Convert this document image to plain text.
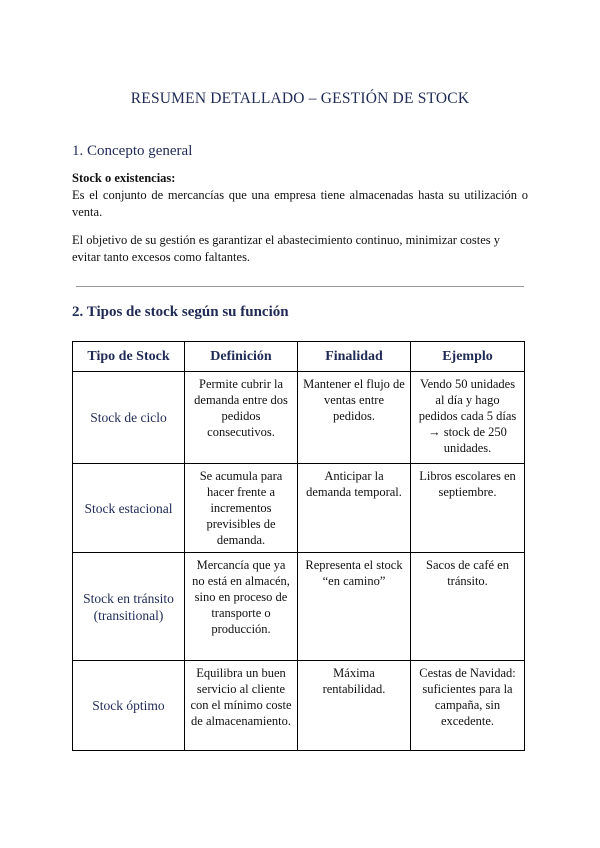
RESUMEN DETALLADO – GESTIÓN DE STOCK
1. Concepto general
Stock o existencias:
Es el conjunto de mercancías que una empresa tiene almacenadas hasta su utilización o venta.
El objetivo de su gestión es garantizar el abastecimiento continuo, minimizar costes y evitar tanto excesos como faltantes.
2. Tipos de stock según su función
Tipo de Stock	Definición	Finalidad	Ejemplo
Stock de ciclo	Permite cubrir la demanda entre dos pedidos consecutivos.	Mantener el flujo de ventas entre pedidos.	Vendo 50 unidades al día y hago pedidos cada 5 días → stock de 250 unidades.
Stock estacional	Se acumula para hacer frente a incrementos previsibles de demanda.	Anticipar la demanda temporal.	Libros escolares en septiembre.
Stock en tránsito (transitional)	Mercancía que ya no está en almacén, sino en proceso de transporte o producción.	Representa el stock “en camino”	Sacos de café en tránsito.
Stock óptimo	Equilibra un buen servicio al cliente con el mínimo coste de almacenamiento.	Máxima rentabilidad.	Cestas de Navidad: suficientes para la campaña, sin excedente.
